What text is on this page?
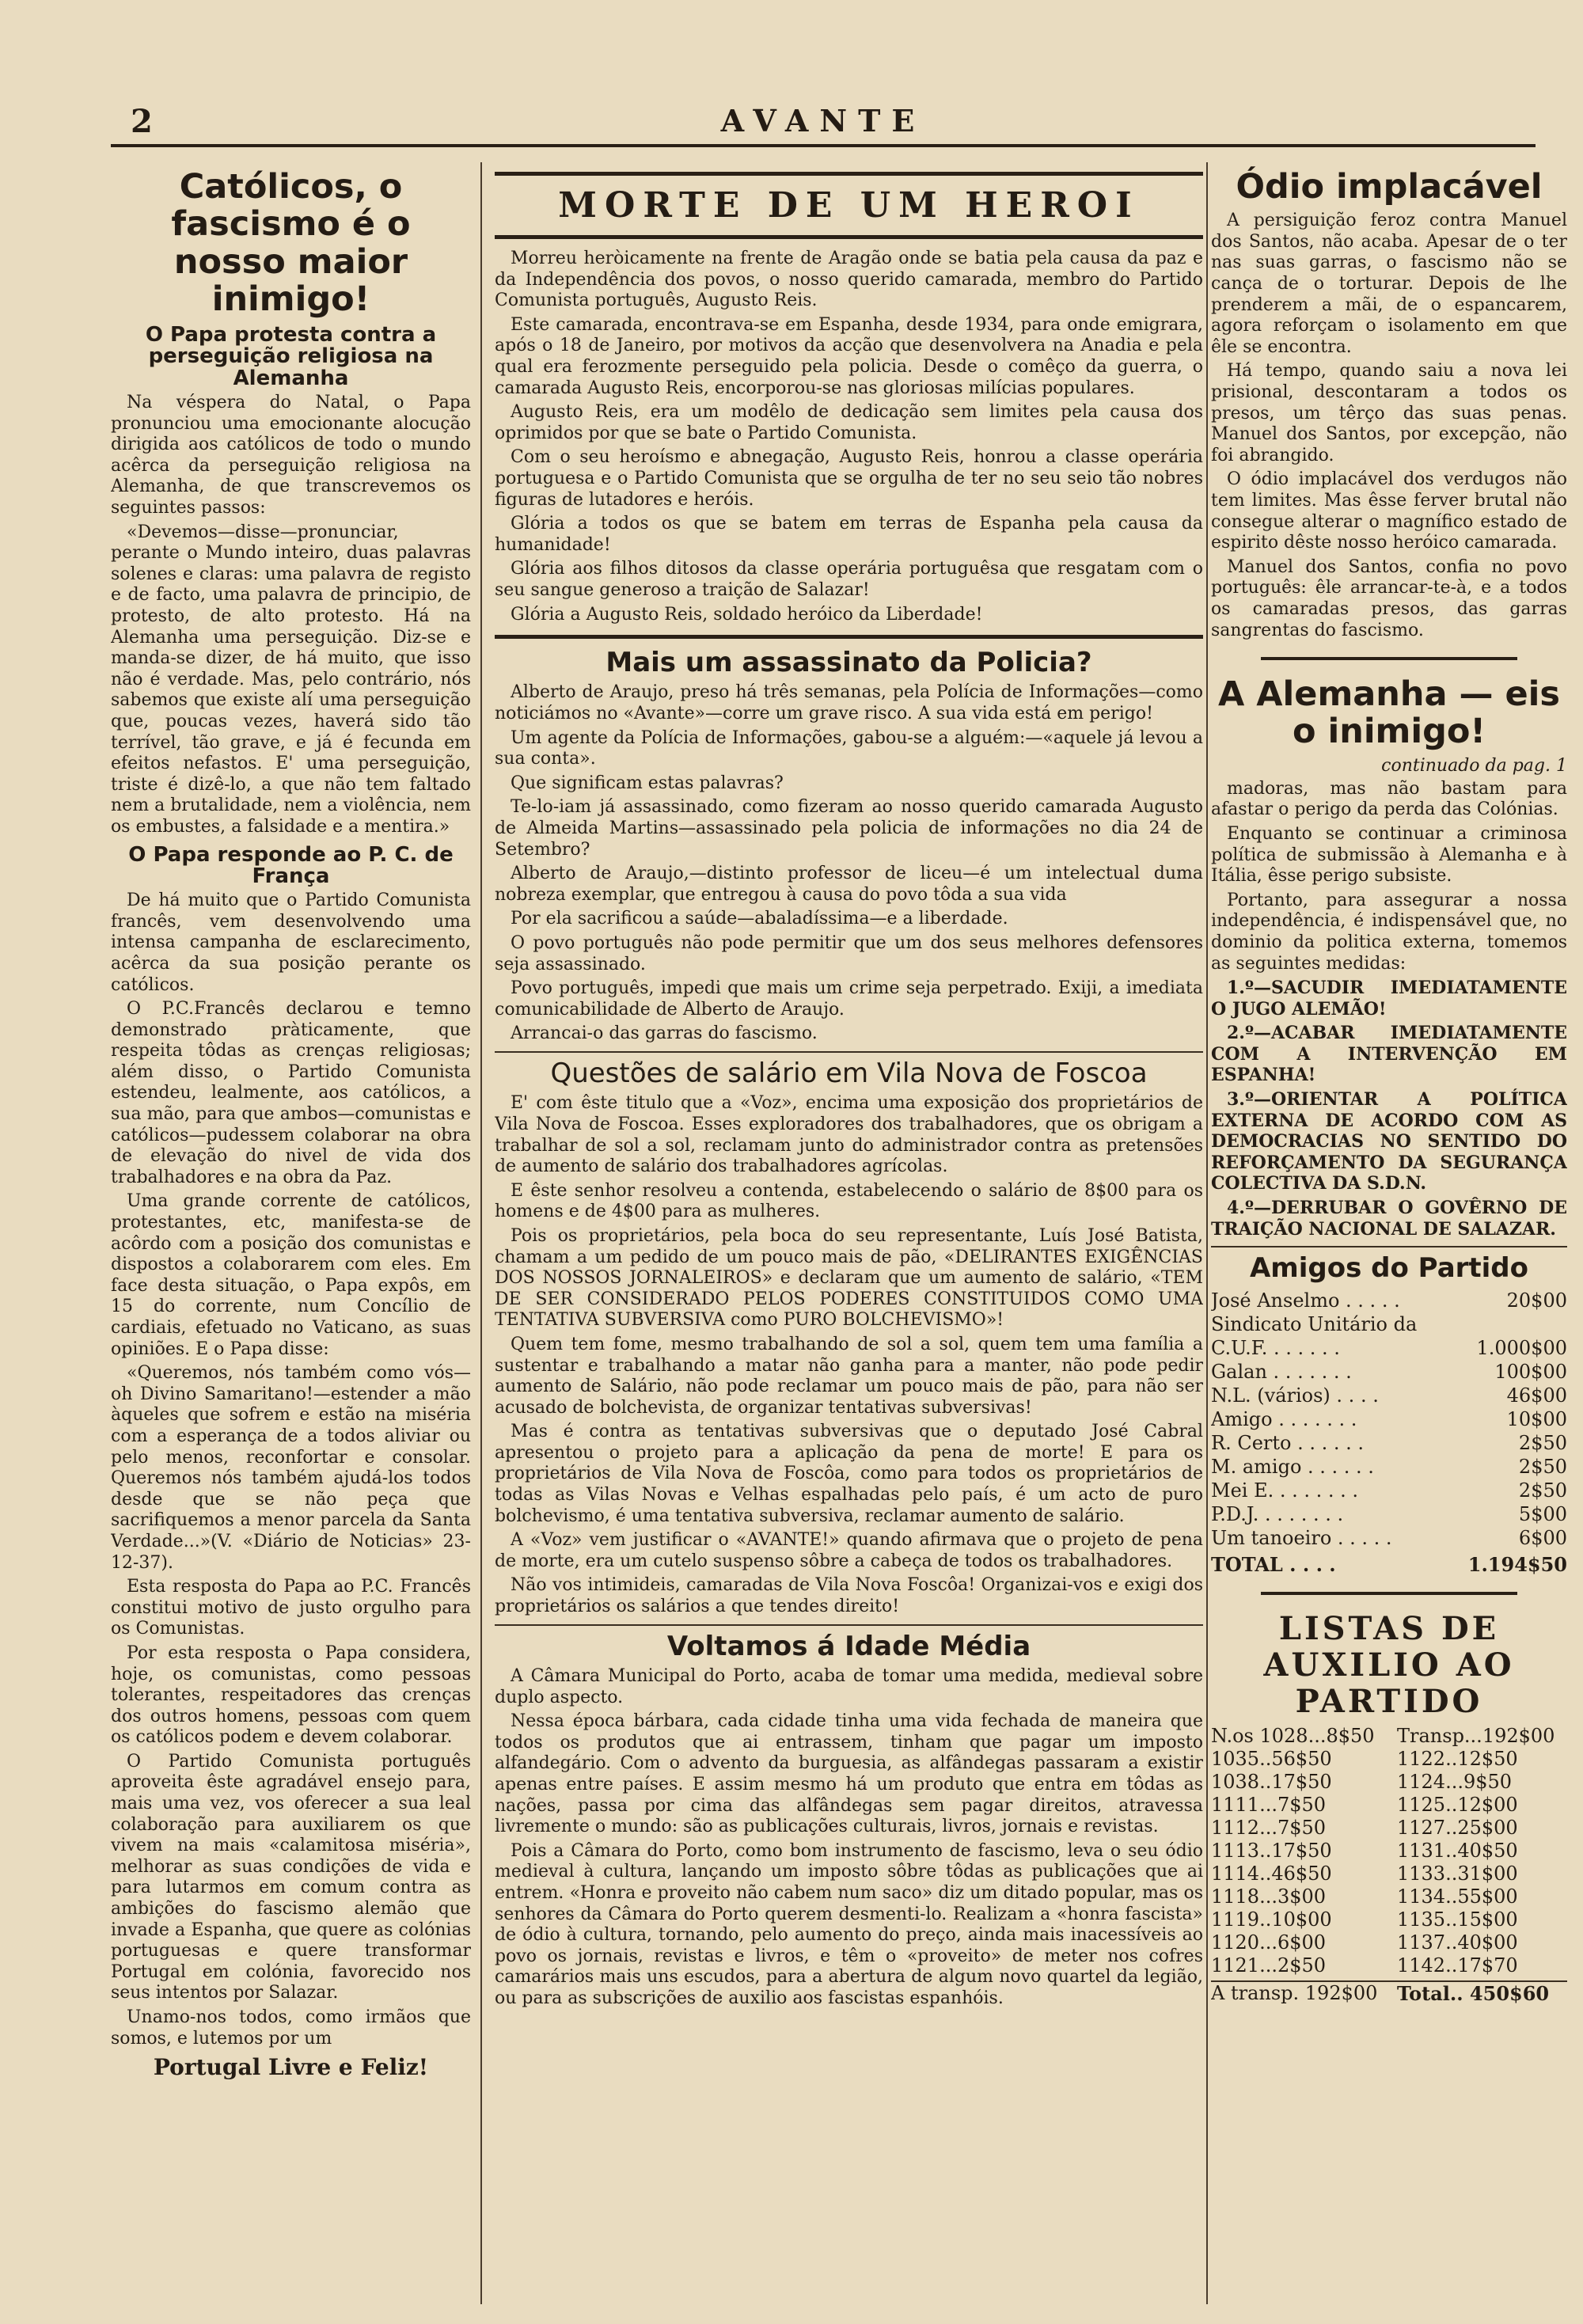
2	AVANTE
Católicos, o fascismo é o nosso maior inimigo!
O Papa protesta contra a perseguição religiosa na Alemanha

Na véspera do Natal, o Papa pronunciou uma emocionante alocução dirigida aos católicos de todo o mundo acêrca da perseguição religiosa na Alemanha, de que transcrevemos os seguintes passos:

«Devemos—disse—pronunciar, perante o Mundo inteiro, duas palavras solenes e claras: uma palavra de registo e de facto, uma palavra de principio, de protesto, de alto protesto. Há na Alemanha uma perseguição. Diz-se e manda-se dizer, de há muito, que isso não é verdade. Mas, pelo contrário, nós sabemos que existe alí uma perseguição que, poucas vezes, haverá sido tão terrível, tão grave, e já é fecunda em efeitos nefastos. E' uma perseguição, triste é dizê-lo, a que não tem faltado nem a brutalidade, nem a violência, nem os embustes, a falsidade e a mentira.»

O Papa responde ao P. C. de França

De há muito que o Partido Comunista francês, vem desenvolvendo uma intensa campanha de esclarecimento, acêrca da sua posição perante os católicos.

O P.C.Francês declarou e temno demonstrado pràticamente, que respeita tôdas as crenças religiosas; além disso, o Partido Comunista estendeu, lealmente, aos católicos, a sua mão, para que ambos—comunistas e católicos—pudessem colaborar na obra de elevação do nivel de vida dos trabalhadores e na obra da Paz.

Uma grande corrente de católicos, protestantes, etc, manifesta-se de acôrdo com a posição dos comunistas e dispostos a colaborarem com eles. Em face desta situação, o Papa expôs, em 15 do corrente, num Concílio de cardiais, efetuado no Vaticano, as suas opiniões. E o Papa disse:

«Queremos, nós também como vós—oh Divino Samaritano!—estender a mão àqueles que sofrem e estão na miséria com a esperança de a todos aliviar ou pelo menos, reconfortar e consolar. Queremos nós também ajudá-los todos desde que se não peça que sacrifiquemos a menor parcela da Santa Verdade...»(V. «Diário de Noticias» 23-12-37).

Esta resposta do Papa ao P.C. Francês constitui motivo de justo orgulho para os Comunistas.

Por esta resposta o Papa considera, hoje, os comunistas, como pessoas tolerantes, respeitadores das crenças dos outros homens, pessoas com quem os católicos podem e devem colaborar.

O Partido Comunista português aproveita êste agradável ensejo para, mais uma vez, vos oferecer a sua leal colaboração para auxiliarem os que vivem na mais «calamitosa miséria», melhorar as suas condições de vida e para lutarmos em comum contra as ambições do fascismo alemão que invade a Espanha, que quere as colónias portuguesas e quere transformar Portugal em colónia, favorecido nos seus intentos por Salazar.

Unamo-nos todos, como irmãos que somos, e lutemos por um

Portugal Livre e Feliz!
MORTE DE UM HEROI

Morreu heròicamente na frente de Aragão onde se batia pela causa da paz e da Independência dos povos, o nosso querido camarada, membro do Partido Comunista português, Augusto Reis.

Este camarada, encontrava-se em Espanha, desde 1934, para onde emigrara, após o 18 de Janeiro, por motivos da acção que desenvolvera na Anadia e pela qual era ferozmente perseguido pela policia. Desde o comêço da guerra, o camarada Augusto Reis, encorporou-se nas gloriosas milícias populares.

Augusto Reis, era um modêlo de dedicação sem limites pela causa dos oprimidos por que se bate o Partido Comunista.

Com o seu heroísmo e abnegação, Augusto Reis, honrou a classe operária portuguesa e o Partido Comunista que se orgulha de ter no seu seio tão nobres figuras de lutadores e heróis.

Glória a todos os que se batem em terras de Espanha pela causa da humanidade!

Glória aos filhos ditosos da classe operária portuguêsa que resgatam com o seu sangue generoso a traição de Salazar!

Glória a Augusto Reis, soldado heróico da Liberdade!

Mais um assassinato da Policia?

Alberto de Araujo, preso há três semanas, pela Polícia de Informações—como noticiámos no «Avante»—corre um grave risco. A sua vida está em perigo!

Um agente da Polícia de Informações, gabou-se a alguém:—«aquele já levou a sua conta».

Que significam estas palavras?

Te-lo-iam já assassinado, como fizeram ao nosso querido camarada Augusto de Almeida Martins—assassinado pela policia de informações no dia 24 de Setembro?

Alberto de Araujo,—distinto professor de liceu—é um intelectual duma nobreza exemplar, que entregou à causa do povo tôda a sua vida

Por ela sacrificou a saúde—abaladíssima—e a liberdade.

O povo português não pode permitir que um dos seus melhores defensores seja assassinado.

Povo português, impedi que mais um crime seja perpetrado. Exiji, a imediata comunicabilidade de Alberto de Araujo.

Arrancai-o das garras do fascismo.

Questões de salário em Vila Nova de Foscoa

E' com êste titulo que a «Voz», encima uma exposição dos proprietários de Vila Nova de Foscoa. Esses exploradores dos trabalhadores, que os obrigam a trabalhar de sol a sol, reclamam junto do administrador contra as pretensões de aumento de salário dos trabalhadores agrícolas.

E êste senhor resolveu a contenda, estabelecendo o salário de 8$00 para os homens e de 4$00 para as mulheres.

Pois os proprietários, pela boca do seu representante, Luís José Batista, chamam a um pedido de um pouco mais de pão, «DELIRANTES EXIGÊNCIAS DOS NOSSOS JORNALEIROS» e declaram que um aumento de salário, «TEM DE SER CONSIDERADO PELOS PODERES CONSTITUIDOS COMO UMA TENTATIVA SUBVERSIVA como PURO BOLCHEVISMO»!

Quem tem fome, mesmo trabalhando de sol a sol, quem tem uma família a sustentar e trabalhando a matar não ganha para a manter, não pode pedir aumento de Salário, não pode reclamar um pouco mais de pão, para não ser acusado de bolchevista, de organizar tentativas subversivas!

Mas é contra as tentativas subversivas que o deputado José Cabral apresentou o projeto para a aplicação da pena de morte! E para os proprietários de Vila Nova de Foscôa, como para todos os proprietários de todas as Vilas Novas e Velhas espalhadas pelo país, é um acto de puro bolchevismo, é uma tentativa subversiva, reclamar aumento de salário.

A «Voz» vem justificar o «AVANTE!» quando afirmava que o projeto de pena de morte, era um cutelo suspenso sôbre a cabeça de todos os trabalhadores.

Não vos intimideis, camaradas de Vila Nova Foscôa! Organizai-vos e exigi dos proprietários os salários a que tendes direito!

Voltamos á Idade Média

A Câmara Municipal do Porto, acaba de tomar uma medida, medieval sobre duplo aspecto.

Nessa época bárbara, cada cidade tinha uma vida fechada de maneira que todos os produtos que ai entrassem, tinham que pagar um imposto alfandegário. Com o advento da burguesia, as alfândegas passaram a existir apenas entre países. E assim mesmo há um produto que entra em tôdas as nações, passa por cima das alfândegas sem pagar direitos, atravessa livremente o mundo: são as publicações culturais, livros, jornais e revistas.

Pois a Câmara do Porto, como bom instrumento de fascismo, leva o seu ódio medieval à cultura, lançando um imposto sôbre tôdas as publicações que ai entrem. «Honra e proveito não cabem num saco» diz um ditado popular, mas os senhores da Câmara do Porto querem desmenti-lo. Realizam a «honra fascista» de ódio à cultura, tornando, pelo aumento do preço, ainda mais inacessíveis ao povo os jornais, revistas e livros, e têm o «proveito» de meter nos cofres camarários mais uns escudos, para a abertura de algum novo quartel da legião, ou para as subscrições de auxilio aos fascistas espanhóis.

Ódio implacável

A persiguição feroz contra Manuel dos Santos, não acaba. Apesar de o ter nas suas garras, o fascismo não se cança de o torturar. Depois de lhe prenderem a mãi, de o espancarem, agora reforçam o isolamento em que êle se encontra.

Há tempo, quando saiu a nova lei prisional, descontaram a todos os presos, um têrço das suas penas. Manuel dos Santos, por excepção, não foi abrangido.

O ódio implacável dos verdugos não tem limites. Mas êsse ferver brutal não consegue alterar o magnífico estado de espirito dêste nosso heróico camarada.

Manuel dos Santos, confia no povo português: êle arrancar-te-à, e a todos os camaradas presos, das garras sangrentas do fascismo.

A Alemanha — eis o inimigo!
continuado da pag. 1

madoras, mas não bastam para afastar o perigo da perda das Colónias.

Enquanto se continuar a criminosa política de submissão à Alemanha e à Itália, êsse perigo subsiste.

Portanto, para assegurar a nossa independência, é indispensável que, no dominio da politica externa, tomemos as seguintes medidas:

1.º—SACUDIR IMEDIATAMENTE O JUGO ALEMÃO!

2.º—ACABAR IMEDIATAMENTE COM A INTERVENÇÃO EM ESPANHA!

3.º—ORIENTAR A POLÍTICA EXTERNA DE ACORDO COM AS DEMOCRACIAS NO SENTIDO DO REFORÇAMENTO DA SEGURANÇA COLECTIVA DA S.D.N.

4.º—DERRUBAR O GOVÊRNO DE TRAIÇÃO NACIONAL DE SALAZAR.

Amigos do Partido
José Anselmo . . . . .	20$00
Sindicato Unitário da
C.U.F. . . . . . .	1.000$00
Galan . . . . . . .	100$00
N.L. (vários) . . . .	46$00
Amigo . . . . . . .	10$00
R. Certo . . . . . .	2$50
M. amigo . . . . . .	2$50
Mei E. . . . . . . .	2$50
P.D.J. . . . . . . .	5$00
Um tanoeiro . . . . .	6$00
TOTAL . . . .	1.194$50
LISTAS DE AUXILIO AO PARTIDO
N.os 1028...8$50	Transp...192$00
1035..56$50	1122..12$50
1038..17$50	1124...9$50
1111...7$50	1125..12$00
1112...7$50	1127..25$00
1113..17$50	1131..40$50
1114..46$50	1133..31$00
1118...3$00	1134..55$00
1119..10$00	1135..15$00
1120...6$00	1137..40$00
1121...2$50	1142..17$70
A transp. 192$00 Total.. 450$60
